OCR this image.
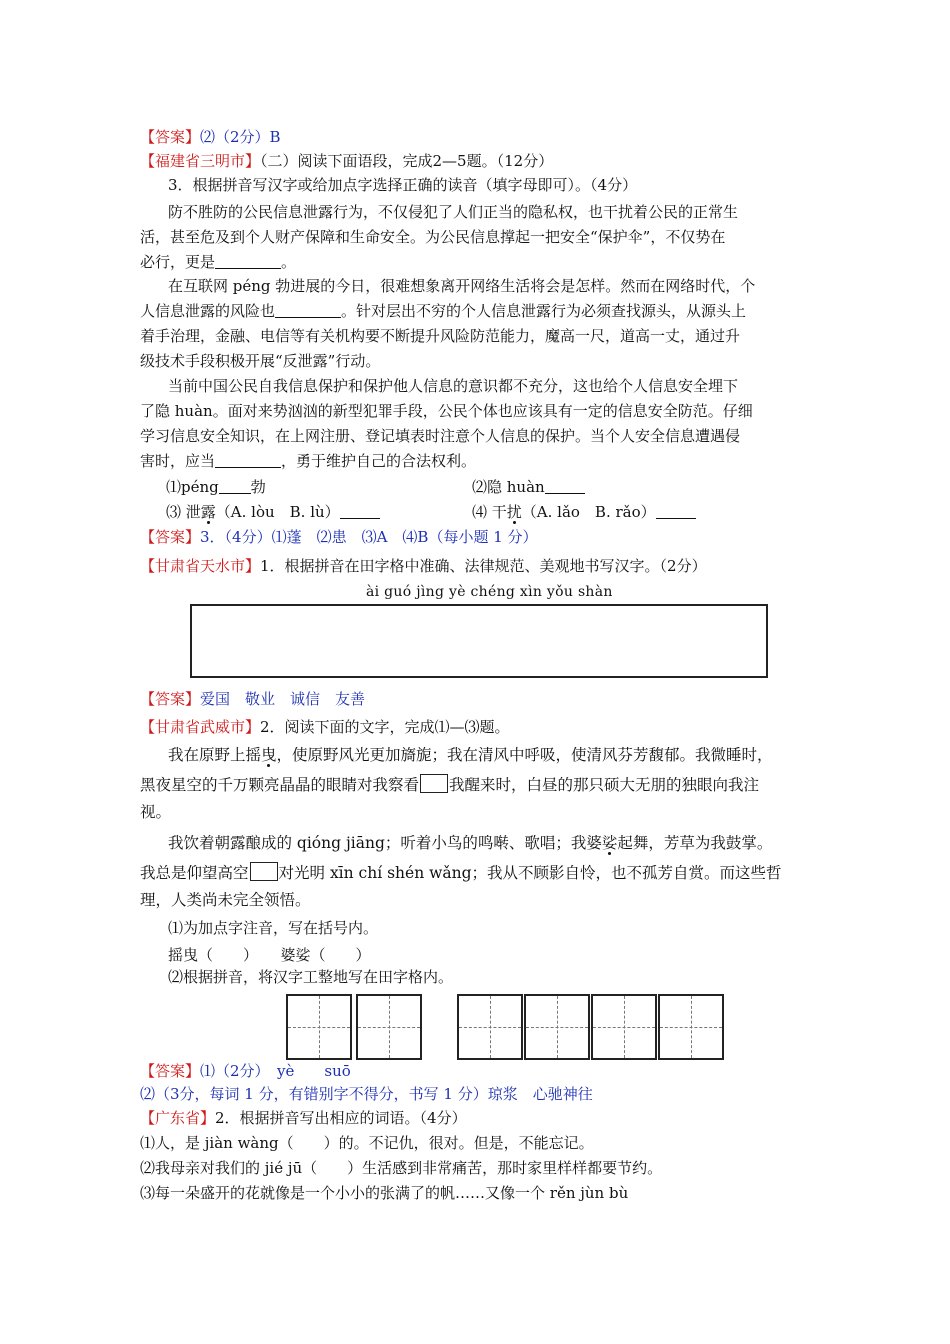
【答案】⑵（2分）B
【福建省三明市】（二）阅读下面语段，完成2—5题。（12分）
3．根据拼音写汉字或给加点字选择正确的读音（填字母即可）。（4分）
防不胜防的公民信息泄露行为，不仅侵犯了人们正当的隐私权，也干扰着公民的正常生
活，甚至危及到个人财产保障和生命安全。为公民信息撑起一把安全“保护伞”，不仅势在
必行，更是	。
在互联网 péng 勃进展的今日，很难想象离开网络生活将会是怎样。然而在网络时代，个
人信息泄露的风险也	。针对层出不穷的个人信息泄露行为必须查找源头，从源头上
着手治理，金融、电信等有关机构要不断提升风险防范能力，魔高一尺，道高一丈，通过升
级技术手段积极开展“反泄露”行动。
当前中国公民自我信息保护和保护他人信息的意识都不充分，这也给个人信息安全埋下
了隐 huàn。面对来势汹汹的新型犯罪手段，公民个体也应该具有一定的信息安全防范。仔细
学习信息安全知识，在上网注册、登记填表时注意个人信息的保护。当个人安全信息遭遇侵
害时，应当	，勇于维护自己的合法权利。
⑴péng 勃	⑵隐 huàn
⑶ 泄露（A. lòu　B. lù）	⑷ 干扰（A. lǎo　B. rǎo）
【答案】3．（4分）⑴蓬　⑵患　⑶A　⑷B（每小题 1 分）
【甘肃省天水市】1．根据拼音在田字格中准确、法律规范、美观地书写汉字。（2分）
ài guó jìng yè chéng xìn yǒu shàn
【答案】爱国　敬业　诚信　友善
【甘肃省武威市】2．阅读下面的文字，完成⑴—⑶题。
我在原野上摇曳，使原野风光更加旖旎；我在清风中呼吸，使清风芬芳馥郁。我微睡时，
黑夜星空的千万颗亮晶晶的眼睛对我察看 我醒来时，白昼的那只硕大无朋的独眼向我注
视。
我饮着朝露酿成的 qióng jiāng；听着小鸟的鸣啭、歌唱；我婆娑起舞，芳草为我鼓掌。
我总是仰望高空 对光明 xīn chí shén wǎng；我从不顾影自怜，也不孤芳自赏。而这些哲
理，人类尚未完全领悟。
⑴为加点字注音，写在括号内。
摇曳（　　）　　婆娑（　　）
⑵根据拼音，将汉字工整地写在田字格内。
【答案】⑴（2分）　yè　　suō
⑵（3分，每词 1 分，有错别字不得分，书写 1 分）琼浆　心驰神往
【广东省】2．根据拼音写出相应的词语。（4分）
⑴人，是 jiàn wàng（　　）的。不记仇，很对。但是，不能忘记。
⑵我母亲对我们的 jié jū（　　）生活感到非常痛苦，那时家里样样都要节约。
⑶每一朵盛开的花就像是一个小小的张满了的帆……又像一个 rěn jùn bù
